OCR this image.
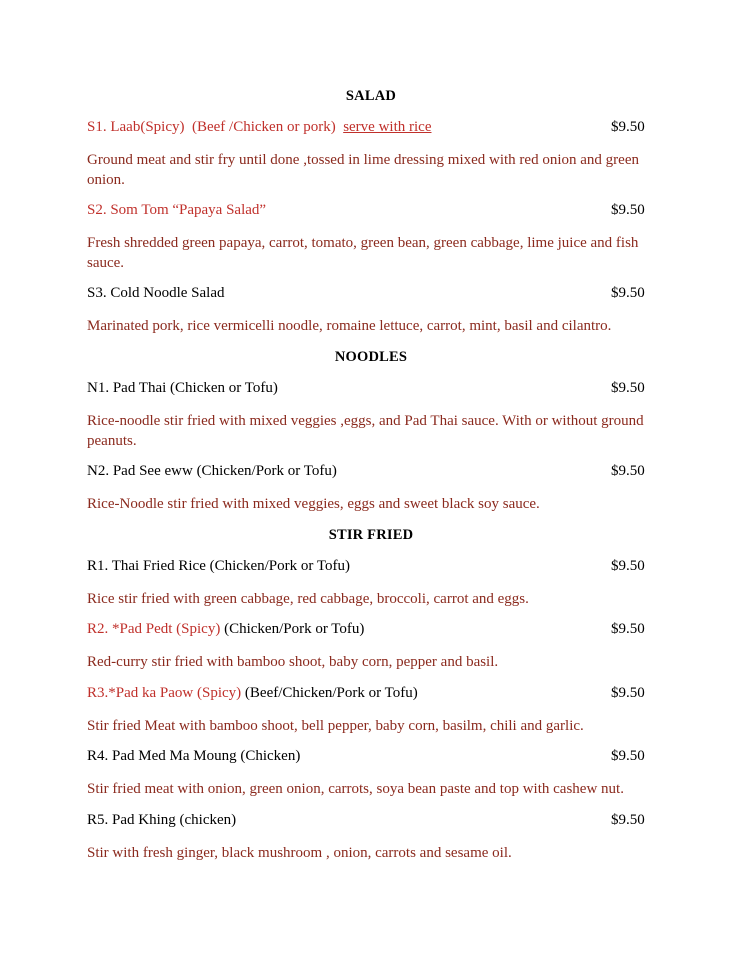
SALAD
S1. Laab(Spicy) (Beef /Chicken or pork) serve with rice	$9.50
Ground meat and stir fry until done ,tossed in lime dressing mixed with red onion and green onion.
S2. Som Tom “Papaya Salad”	$9.50
Fresh shredded green papaya, carrot, tomato, green bean, green cabbage, lime juice and fish sauce.
S3. Cold Noodle Salad	$9.50
Marinated pork, rice vermicelli noodle, romaine lettuce, carrot, mint, basil and cilantro.
NOODLES
N1. Pad Thai (Chicken or Tofu)	$9.50
Rice-noodle stir fried with mixed veggies ,eggs, and Pad Thai sauce. With or without ground peanuts.
N2. Pad See eww (Chicken/Pork or Tofu)	$9.50
Rice-Noodle stir fried with mixed veggies, eggs and sweet black soy sauce.
STIR FRIED
R1. Thai Fried Rice (Chicken/Pork or Tofu)	$9.50
Rice stir fried with green cabbage, red cabbage, broccoli, carrot and eggs.
R2. *Pad Pedt (Spicy) (Chicken/Pork or Tofu)	$9.50
Red-curry stir fried with bamboo shoot, baby corn, pepper and basil.
R3.*Pad ka Paow (Spicy) (Beef/Chicken/Pork or Tofu)	$9.50
Stir fried Meat with bamboo shoot, bell pepper, baby corn, basilm, chili and garlic.
R4. Pad Med Ma Moung (Chicken)	$9.50
Stir fried meat with onion, green onion, carrots, soya bean paste and top with cashew nut.
R5. Pad Khing (chicken)	$9.50
Stir with fresh ginger, black mushroom , onion, carrots and sesame oil.
